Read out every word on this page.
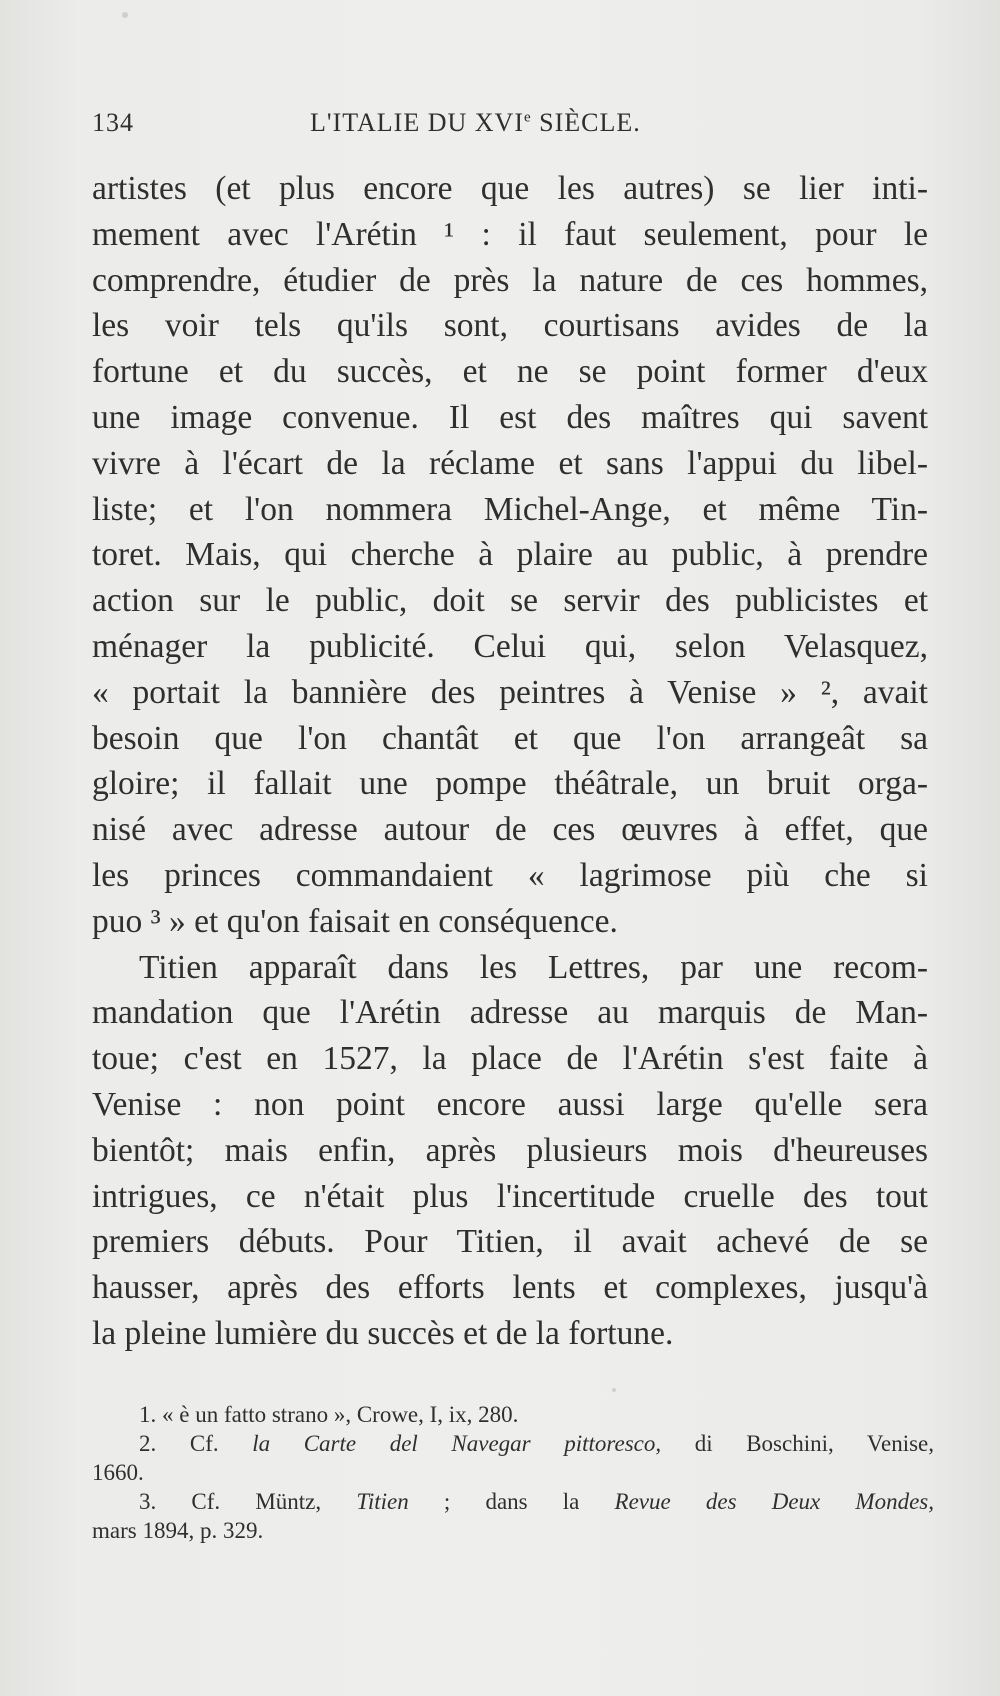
134	L'ITALIE DU XVIe SIÈCLE.
artistes (et plus encore que les autres) se lier inti-
mement avec l'Arétin ¹ : il faut seulement, pour le
comprendre, étudier de près la nature de ces hommes,
les voir tels qu'ils sont, courtisans avides de la
fortune et du succès, et ne se point former d'eux
une image convenue. Il est des maîtres qui savent
vivre à l'écart de la réclame et sans l'appui du libel-
liste; et l'on nommera Michel-Ange, et même Tin-
toret. Mais, qui cherche à plaire au public, à prendre
action sur le public, doit se servir des publicistes et
ménager la publicité. Celui qui, selon Velasquez,
« portait la bannière des peintres à Venise » ², avait
besoin que l'on chantât et que l'on arrangeât sa
gloire; il fallait une pompe théâtrale, un bruit orga-
nisé avec adresse autour de ces œuvres à effet, que
les princes commandaient « lagrimose più che si
puo ³ » et qu'on faisait en conséquence.
Titien apparaît dans les Lettres, par une recom-
mandation que l'Arétin adresse au marquis de Man-
toue; c'est en 1527, la place de l'Arétin s'est faite à
Venise : non point encore aussi large qu'elle sera
bientôt; mais enfin, après plusieurs mois d'heureuses
intrigues, ce n'était plus l'incertitude cruelle des tout
premiers débuts. Pour Titien, il avait achevé de se
hausser, après des efforts lents et complexes, jusqu'à
la pleine lumière du succès et de la fortune.
1. « è un fatto strano », Crowe, I, ix, 280.
2. Cf. la Carte del Navegar pittoresco, di Boschini, Venise,
1660.
3. Cf. Müntz, Titien ; dans la Revue des Deux Mondes,
mars 1894, p. 329.
